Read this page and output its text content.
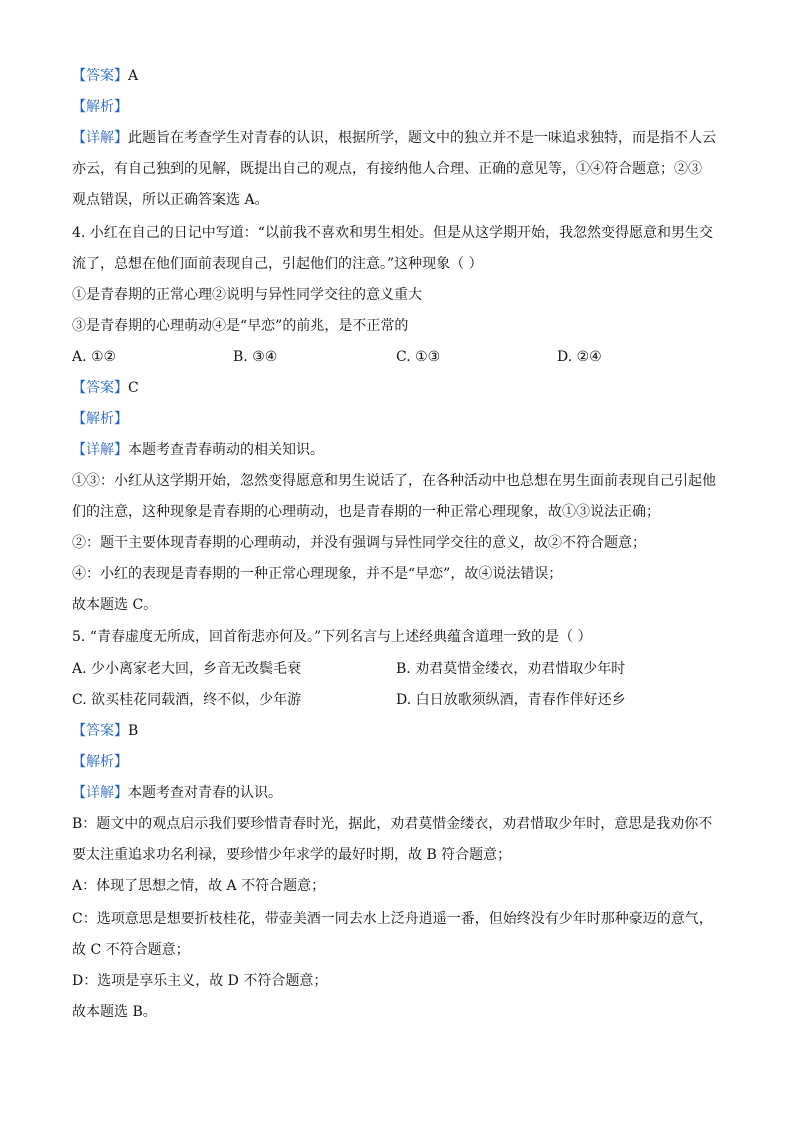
【答案】A
【解析】
【详解】此题旨在考查学生对青春的认识，根据所学，题文中的独立并不是一味追求独特，而是指不人云
亦云，有自己独到的见解，既提出自己的观点，有接纳他人合理、正确的意见等，①④符合题意；②③
观点错误，所以正确答案选 A。
4. 小红在自己的日记中写道：“以前我不喜欢和男生相处。但是从这学期开始，我忽然变得愿意和男生交
流了，总想在他们面前表现自己，引起他们的注意。”这种现象（ ）
①是青春期的正常心理②说明与异性同学交往的意义重大
③是青春期的心理萌动④是“早恋”的前兆，是不正常的
A. ①②	B. ③④	C. ①③	D. ②④
【答案】C
【解析】
【详解】本题考查青春萌动的相关知识。
①③：小红从这学期开始，忽然变得愿意和男生说话了，在各种活动中也总想在男生面前表现自己引起他
们的注意，这种现象是青春期的心理萌动，也是青春期的一种正常心理现象，故①③说法正确；
②：题干主要体现青春期的心理萌动，并没有强调与异性同学交往的意义，故②不符合题意；
④：小红的表现是青春期的一种正常心理现象，并不是“早恋”，故④说法错误；
故本题选 C。
5. “青春虚度无所成，回首衔悲亦何及。”下列名言与上述经典蕴含道理一致的是（ ）
A. 少小离家老大回，乡音无改鬓毛衰	B. 劝君莫惜金缕衣，劝君惜取少年时
C. 欲买桂花同载酒，终不似，少年游	D. 白日放歌须纵酒，青春作伴好还乡
【答案】B
【解析】
【详解】本题考查对青春的认识。
B：题文中的观点启示我们要珍惜青春时光，据此，劝君莫惜金缕衣，劝君惜取少年时，意思是我劝你不
要太注重追求功名利禄，要珍惜少年求学的最好时期，故 B 符合题意；
A：体现了思想之情，故 A 不符合题意；
C：选项意思是想要折枝桂花，带壶美酒一同去水上泛舟逍遥一番，但始终没有少年时那种豪迈的意气，
故 C 不符合题意；
D：选项是享乐主义，故 D 不符合题意；
故本题选 B。
